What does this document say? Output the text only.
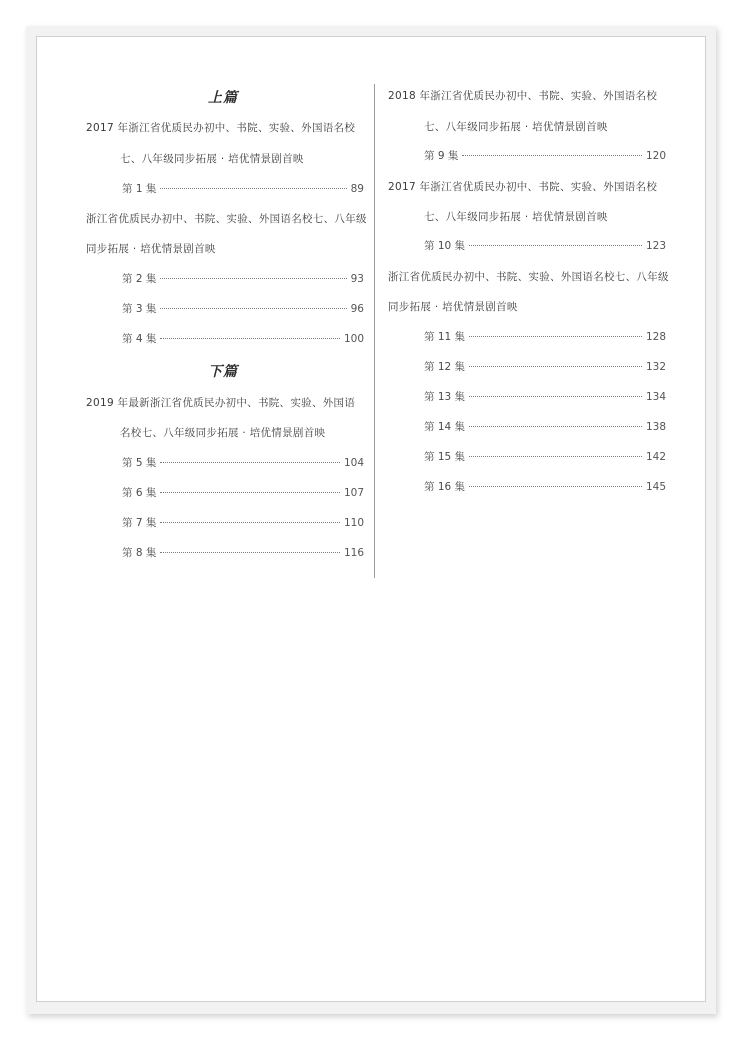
上篇
2017 年浙江省优质民办初中、书院、实验、外国语名校
七、八年级同步拓展 · 培优情景剧首映
第 1 集	89
浙江省优质民办初中、书院、实验、外国语名校七、八年级
同步拓展 · 培优情景剧首映
第 2 集	93
第 3 集	96
第 4 集	100
下篇
2019 年最新浙江省优质民办初中、书院、实验、外国语
名校七、八年级同步拓展 · 培优情景剧首映
第 5 集	104
第 6 集	107
第 7 集	110
第 8 集	116
2018 年浙江省优质民办初中、书院、实验、外国语名校
七、八年级同步拓展 · 培优情景剧首映
第 9 集	120
2017 年浙江省优质民办初中、书院、实验、外国语名校
七、八年级同步拓展 · 培优情景剧首映
第 10 集	123
浙江省优质民办初中、书院、实验、外国语名校七、八年级
同步拓展 · 培优情景剧首映
第 11 集	128
第 12 集	132
第 13 集	134
第 14 集	138
第 15 集	142
第 16 集	145
